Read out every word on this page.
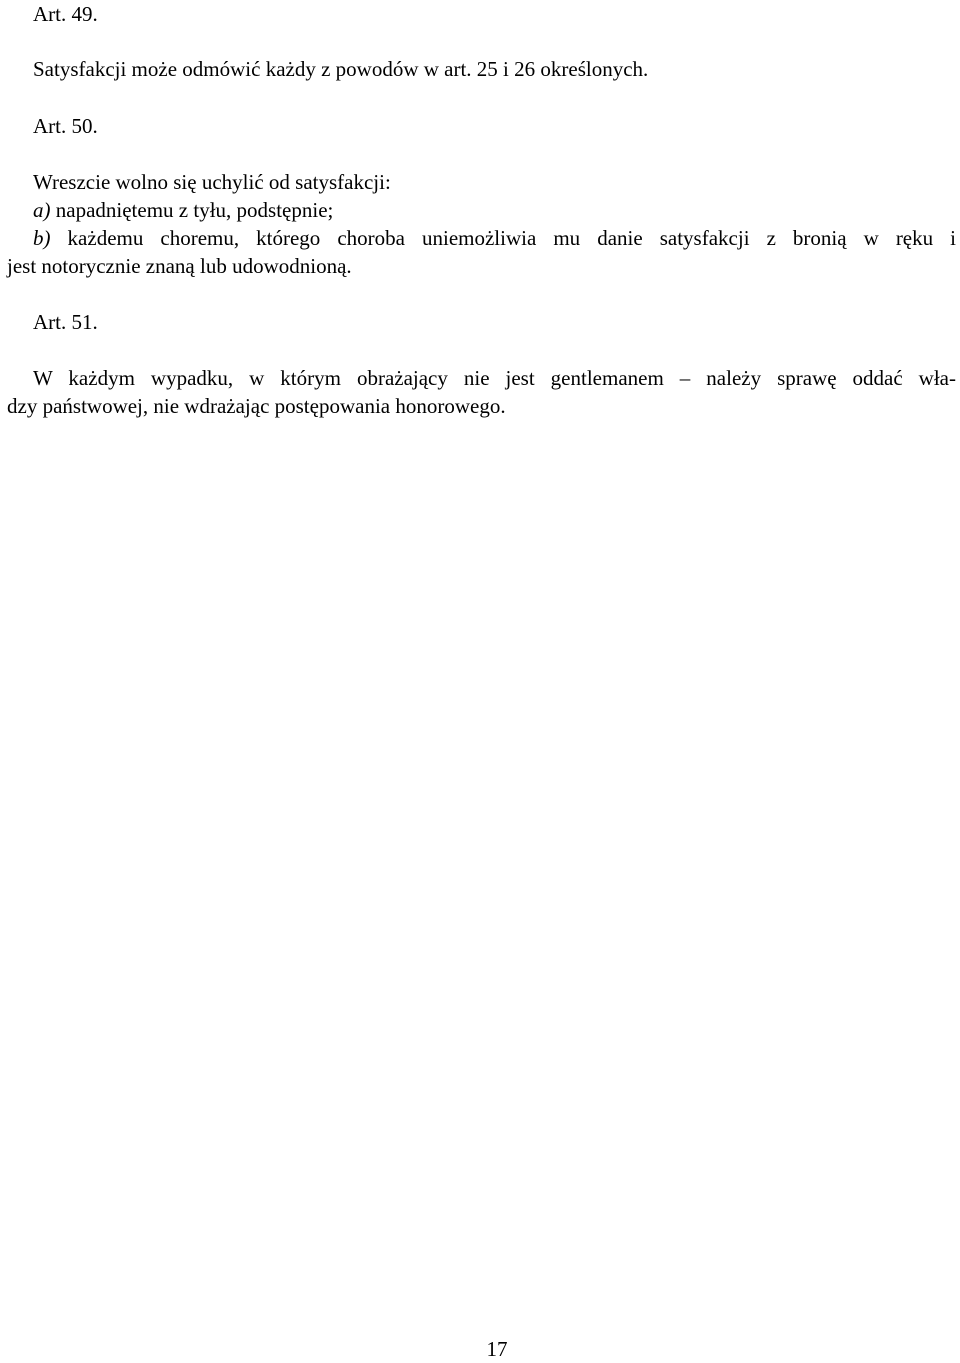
Art. 49.

Satysfakcji może odmówić każdy z powodów w art. 25 i 26 określonych.

Art. 50.

Wreszcie wolno się uchylić od satysfakcji:

a) napadniętemu z tyłu, podstępnie;

b) każdemu choremu, którego choroba uniemożliwia mu danie satysfakcji z bronią w ręku i

jest notorycznie znaną lub udowodnioną.

Art. 51.

W każdym wypadku, w którym obrażający nie jest gentlemanem – należy sprawę oddać wła-

dzy państwowej, nie wdrażając postępowania honorowego.

17
